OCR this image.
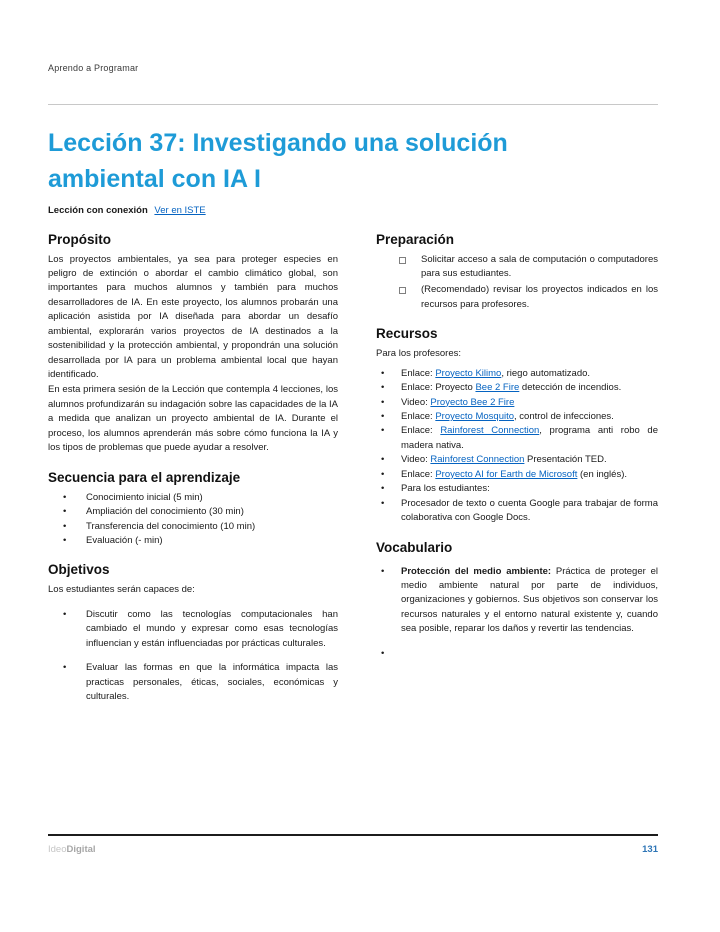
Aprendo a Programar
Lección 37: Investigando una solución
ambiental con IA I
Lección con conexión Ver en ISTE
Propósito

Los proyectos ambientales, ya sea para proteger especies en peligro de extinción o abordar el cambio climático global, son importantes para muchos alumnos y también para muchos desarrolladores de IA. En este proyecto, los alumnos probarán una aplicación asistida por IA diseñada para abordar un desafío ambiental, explorarán varios proyectos de IA destinados a la sostenibilidad y la protección ambiental, y propondrán una solución desarrollada por IA para un problema ambiental local que hayan identificado.

En esta primera sesión de la Lección que contempla 4 lecciones, los alumnos profundizarán su indagación sobre las capacidades de la IA a medida que analizan un proyecto ambiental de IA. Durante el proceso, los alumnos aprenderán más sobre cómo funciona la IA y los tipos de problemas que puede ayudar a resolver.

Secuencia para el aprendizaje
• Conocimiento inicial (5 min)
• Ampliación del conocimiento (30 min)
• Transferencia del conocimiento (10 min)
• Evaluación (- min)
Objetivos

Los estudiantes serán capaces de:

• Discutir como las tecnologías computacionales han cambiado el mundo y expresar como esas tecnologías influencian y están influenciadas por prácticas culturales.
• Evaluar las formas en que la informática impacta las practicas personales, éticas, sociales, económicas y culturales.
Preparación
Solicitar acceso a sala de computación o computadores para sus estudiantes.
(Recomendado) revisar los proyectos indicados en los recursos para profesores.
Recursos

Para los profesores:

• Enlace: Proyecto Kilimo, riego automatizado.
• Enlace: Proyecto Bee 2 Fire detección de incendios.
• Video: Proyecto Bee 2 Fire
• Enlace: Proyecto Mosquito, control de infecciones.
• Enlace: Rainforest Connection, programa anti robo de madera nativa.
• Video: Rainforest Connection Presentación TED.
• Enlace: Proyecto AI for Earth de Microsoft (en inglés).
• Para los estudiantes:
• Procesador de texto o cuenta Google para trabajar de forma colaborativa con Google Docs.
Vocabulario
• Protección del medio ambiente: Práctica de proteger el medio ambiente natural por parte de individuos, organizaciones y gobiernos. Sus objetivos son conservar los recursos naturales y el entorno natural existente y, cuando sea posible, reparar los daños y revertir las tendencias.
IdeoDigital	131
